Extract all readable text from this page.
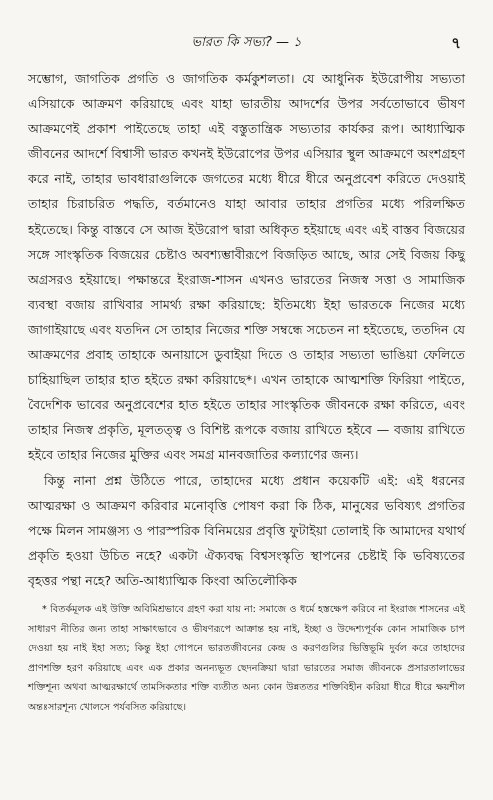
ভারত কি সভ্য? — ১	৭

সম্ভোগ, জাগতিক প্রগতি ও জাগতিক কর্মকুশলতা। যে আধুনিক ইউরোপীয় সভ্যতা এসিয়াকে আক্রমণ করিয়াছে এবং যাহা ভারতীয় আদর্শের উপর সর্বতোভাবে ভীষণ আক্রমণেই প্রকাশ পাইতেছে তাহা এই বস্তুতান্ত্রিক সভ্যতার কার্যকর রূপ। আধ্যাত্মিক জীবনের আদর্শে বিশ্বাসী ভারত কখনই ইউরোপের উপর এসিয়ার স্থুল আক্রমণে অংশগ্রহণ করে নাই, তাহার ভাবধারাগুলিকে জগতের মধ্যে ধীরে ধীরে অনুপ্রবেশ করিতে দেওয়াই তাহার চিরাচরিত পদ্ধতি, বর্তমানেও যাহা আবার তাহার প্রগতির মধ্যে পরিলক্ষিত হইতেছে। কিন্তু বাস্তবে সে আজ ইউরোপ দ্বারা অধিকৃত হইয়াছে এবং এই বাস্তব বিজয়ের সঙ্গে সাংস্কৃতিক বিজয়ের চেষ্টাও অবশ্যম্ভাবীরূপে বিজড়িত আছে, আর সেই বিজয় কিছু অগ্রসরও হইয়াছে। পক্ষান্তরে ইংরাজ-শাসন এখনও ভারতের নিজস্ব সত্তা ও সামাজিক ব্যবস্থা বজায় রাখিবার সামর্থ্য রক্ষা করিয়াছে: ইতিমধ্যে ইহা ভারতকে নিজের মধ্যে জাগাইয়াছে এবং যতদিন সে তাহার নিজের শক্তি সম্বন্ধে সচেতন না হইতেছে, ততদিন যে আক্রমণের প্রবাহ তাহাকে অনায়াসে ডুবাইয়া দিতে ও তাহার সভ্যতা ভাঙিয়া ফেলিতে চাহিয়াছিল তাহার হাত হইতে রক্ষা করিয়াছে*। এখন তাহাকে আত্মশক্তি ফিরিয়া পাইতে, বৈদেশিক ভাবের অনুপ্রবেশের হাত হইতে তাহার সাংস্কৃতিক জীবনকে রক্ষা করিতে, এবং তাহার নিজস্ব প্রকৃতি, মূলতত্ত্ব ও বিশিষ্ট রূপকে বজায় রাখিতে হইবে — বজায় রাখিতে হইবে তাহার নিজের মুক্তির এবং সমগ্র মানবজাতির কল্যাণের জন্য।

কিন্তু নানা প্রশ্ন উঠিতে পারে, তাহাদের মধ্যে প্রধান কয়েকটি এই: এই ধরনের আত্মরক্ষা ও আক্রমণ করিবার মনোবৃত্তি পোষণ করা কি ঠিক, মানুষের ভবিষ্যৎ প্রগতির পক্ষে মিলন সামঞ্জস্য ও পারস্পরিক বিনিময়ের প্রবৃত্তি ফুটাইয়া তোলাই কি আমাদের যথার্থ প্রকৃতি হওয়া উচিত নহে? একটা ঐক্যবদ্ধ বিশ্বসংস্কৃতি স্থাপনের চেষ্টাই কি ভবিষ্যতের বৃহত্তর পন্থা নহে? অতি-আধ্যাত্মিক কিংবা অতিলৌকিক

* বিতর্কমূলক এই উক্তি অবিমিশ্রভাবে গ্রহণ করা যায় না: সমাজে ও ধর্মে হস্তক্ষেপ করিবে না ইংরাজ শাসনের এই সাধারণ নীতির জন্য তাহা সাক্ষাৎভাবে ও ভীষণরূপে আক্রান্ত হয় নাই, ইচ্ছা ও উদ্দেশ্যপূর্বক কোন সামাজিক চাপ দেওয়া হয় নাই ইহা সত্য; কিন্তু ইহা গোপনে ভারতজীবনের কেন্দ্র ও করণগুলির ভিত্তিভূমি দুর্বল করে তাহাদের প্রাণশক্তি হরণ করিয়াছে এবং এক প্রকার অনন্যভূত ছেদনক্রিয়া দ্বারা ভারতের সমাজ জীবনকে প্রসারতালাভের শক্তিশূন্য অথবা আত্মরক্ষার্থে তামসিকতার শক্তি ব্যতীত অন্য কোন উন্নততর শক্তিবিহীন করিয়া ধীরে ধীরে ক্ষয়শীল অন্তঃসারশূন্য খোলসে পর্যবসিত করিয়াছে।
